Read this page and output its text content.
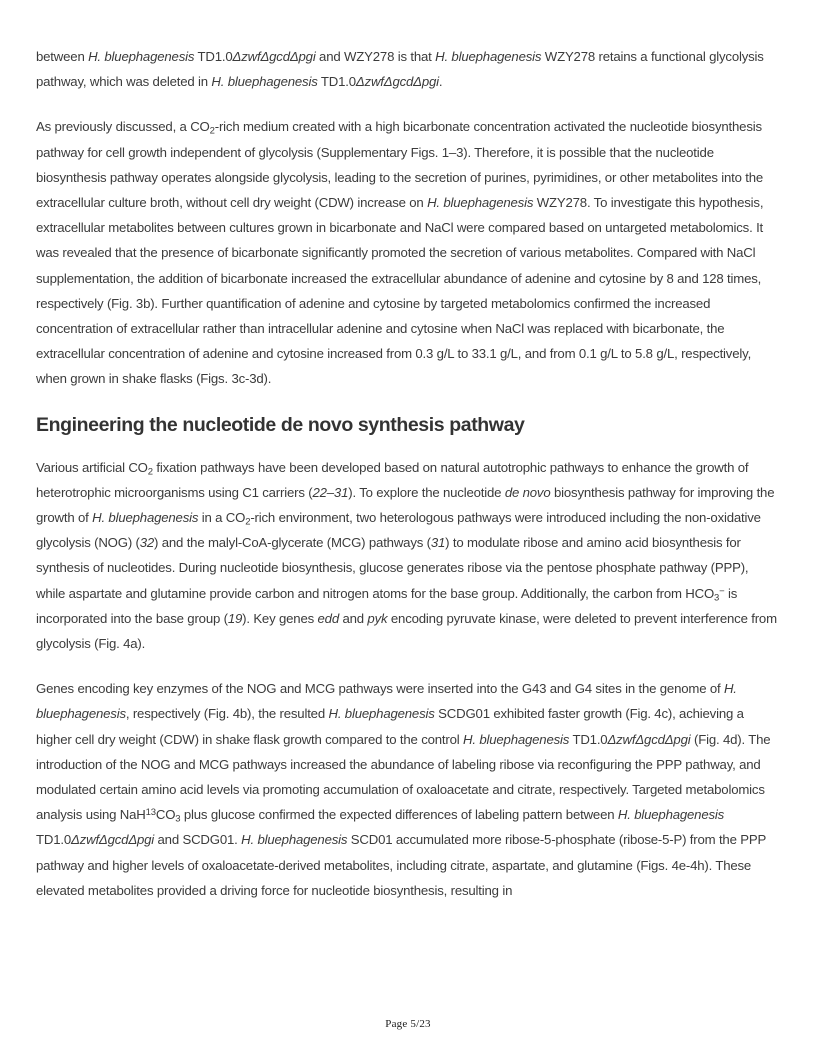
between H. bluephagenesis TD1.0ΔzwfΔgcdΔpgi and WZY278 is that H. bluephagenesis WZY278 retains a functional glycolysis pathway, which was deleted in H. bluephagenesis TD1.0ΔzwfΔgcdΔpgi.

As previously discussed, a $CO_2$-rich medium created with a high bicarbonate concentration activated the nucleotide biosynthesis pathway for cell growth independent of glycolysis (Supplementary Figs. 1–3). Therefore, it is possible that the nucleotide biosynthesis pathway operates alongside glycolysis, leading to the secretion of purines, pyrimidines, or other metabolites into the extracellular culture broth, without cell dry weight (CDW) increase on H. bluephagenesis WZY278. To investigate this hypothesis, extracellular metabolites between cultures grown in bicarbonate and NaCl were compared based on untargeted metabolomics. It was revealed that the presence of bicarbonate significantly promoted the secretion of various metabolites. Compared with NaCl supplementation, the addition of bicarbonate increased the extracellular abundance of adenine and cytosine by 8 and 128 times, respectively (Fig. 3b). Further quantification of adenine and cytosine by targeted metabolomics confirmed the increased concentration of extracellular rather than intracellular adenine and cytosine when NaCl was replaced with bicarbonate, the extracellular concentration of adenine and cytosine increased from 0.3 g/L to 33.1 g/L, and from 0.1 g/L to 5.8 g/L, respectively, when grown in shake flasks (Figs. 3c-3d).

Engineering the nucleotide de novo synthesis pathway

Various artificial $CO_2$ fixation pathways have been developed based on natural autotrophic pathways to enhance the growth of heterotrophic microorganisms using C1 carriers (22–31). To explore the nucleotide de novo biosynthesis pathway for improving the growth of H. bluephagenesis in a $CO_2$-rich environment, two heterologous pathways were introduced including the non-oxidative glycolysis (NOG) (32) and the malyl-CoA-glycerate (MCG) pathways (31) to modulate ribose and amino acid biosynthesis for synthesis of nucleotides. During nucleotide biosynthesis, glucose generates ribose via the pentose phosphate pathway (PPP), while aspartate and glutamine provide carbon and nitrogen atoms for the base group. Additionally, the carbon from $HCO_3^-$ is incorporated into the base group (19). Key genes edd and pyk encoding pyruvate kinase, were deleted to prevent interference from glycolysis (Fig. 4a).

Genes encoding key enzymes of the NOG and MCG pathways were inserted into the G43 and G4 sites in the genome of H. bluephagenesis, respectively (Fig. 4b), the resulted H. bluephagenesis SCDG01 exhibited faster growth (Fig. 4c), achieving a higher cell dry weight (CDW) in shake flask growth compared to the control H. bluephagenesis TD1.0ΔzwfΔgcdΔpgi (Fig. 4d). The introduction of the NOG and MCG pathways increased the abundance of labeling ribose via reconfiguring the PPP pathway, and modulated certain amino acid levels via promoting accumulation of oxaloacetate and citrate, respectively. Targeted metabolomics analysis using $NaH^{13}CO_3$ plus glucose confirmed the expected differences of labeling pattern between H. bluephagenesis TD1.0ΔzwfΔgcdΔpgi and SCDG01. H. bluephagenesis SCD01 accumulated more ribose-5-phosphate (ribose-5-P) from the PPP pathway and higher levels of oxaloacetate-derived metabolites, including citrate, aspartate, and glutamine (Figs. 4e-4h). These elevated metabolites provided a driving force for nucleotide biosynthesis, resulting in

Page 5/23
